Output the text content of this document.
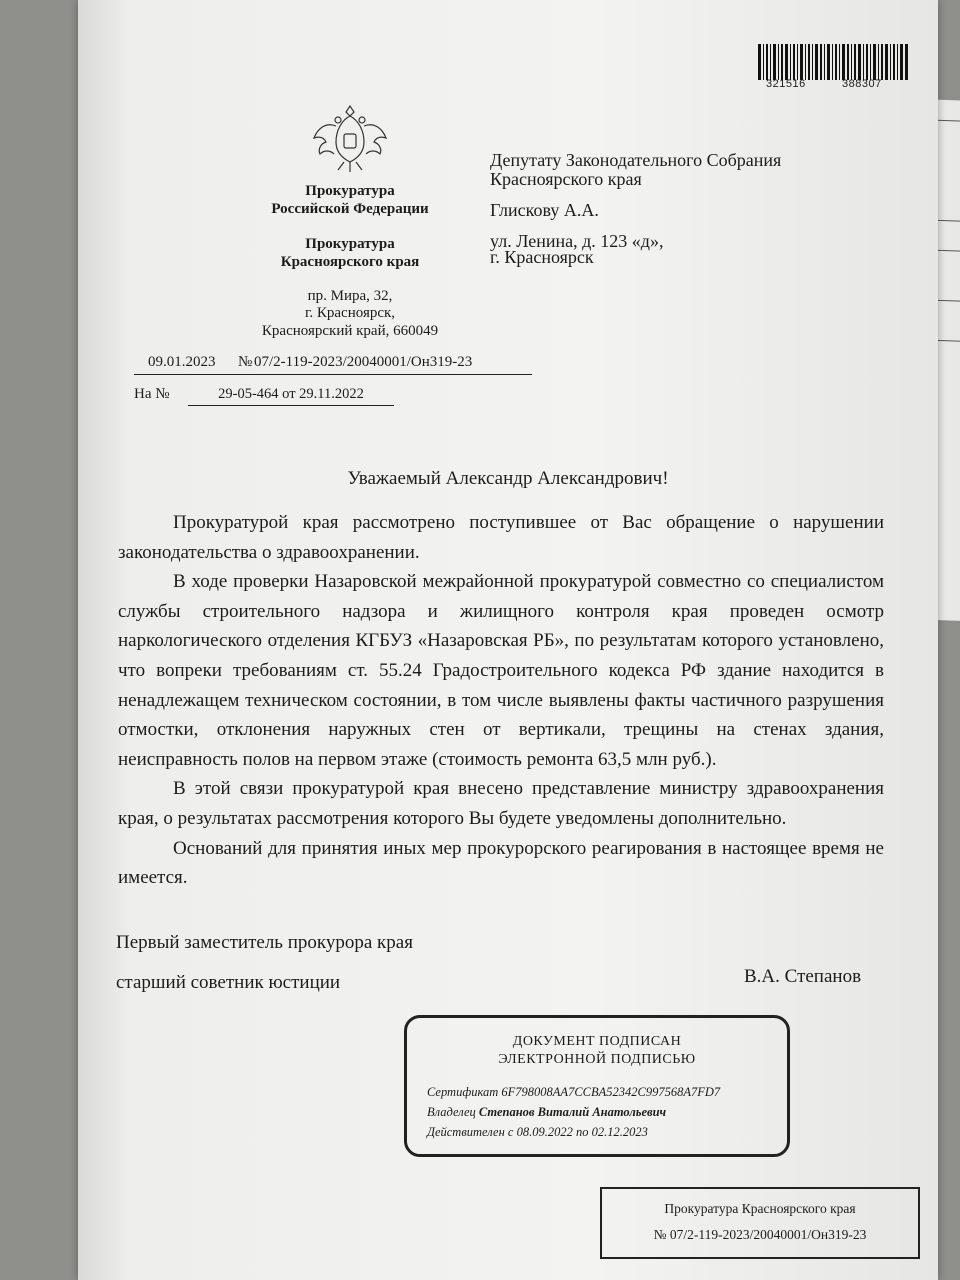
321516	388307
Прокуратура
Российской Федерации
Прокуратура
Красноярского края
пр. Мира, 32,
г. Красноярск,
Красноярский край, 660049
09.01.2023 № 07/2-119-2023/20040001/Он319-23
На №	29-05-464 от 29.11.2022
Депутату Законодательного Собрания
Красноярского края
Глискову А.А.
ул. Ленина, д. 123 «д»,
г. Красноярск
Уважаемый Александр Александрович!

Прокуратурой края рассмотрено поступившее от Вас обращение о нарушении законодательства о здравоохранении.

В ходе проверки Назаровской межрайонной прокуратурой совместно со специалистом службы строительного надзора и жилищного контроля края проведен осмотр наркологического отделения КГБУЗ «Назаровская РБ», по результатам которого установлено, что вопреки требованиям ст. 55.24 Градостроительного кодекса РФ здание находится в ненадлежащем техническом состоянии, в том числе выявлены факты частичного разрушения отмостки, отклонения наружных стен от вертикали, трещины на стенах здания, неисправность полов на первом этаже (стоимость ремонта 63,5 млн руб.).

В этой связи прокуратурой края внесено представление министру здравоохранения края, о результатах рассмотрения которого Вы будете уведомлены дополнительно.

Оснований для принятия иных мер прокурорского реагирования в настоящее время не имеется.

Первый заместитель прокурора края
старший советник юстиции	В.А. Степанов
ДОКУМЕНТ ПОДПИСАН
ЭЛЕКТРОННОЙ ПОДПИСЬЮ
Сертификат 6F798008AA7CCBA52342C997568A7FD7
Владелец Степанов Виталий Анатольевич
Действителен с 08.09.2022 по 02.12.2023
Прокуратура Красноярского края
№ 07/2-119-2023/20040001/Он319-23
